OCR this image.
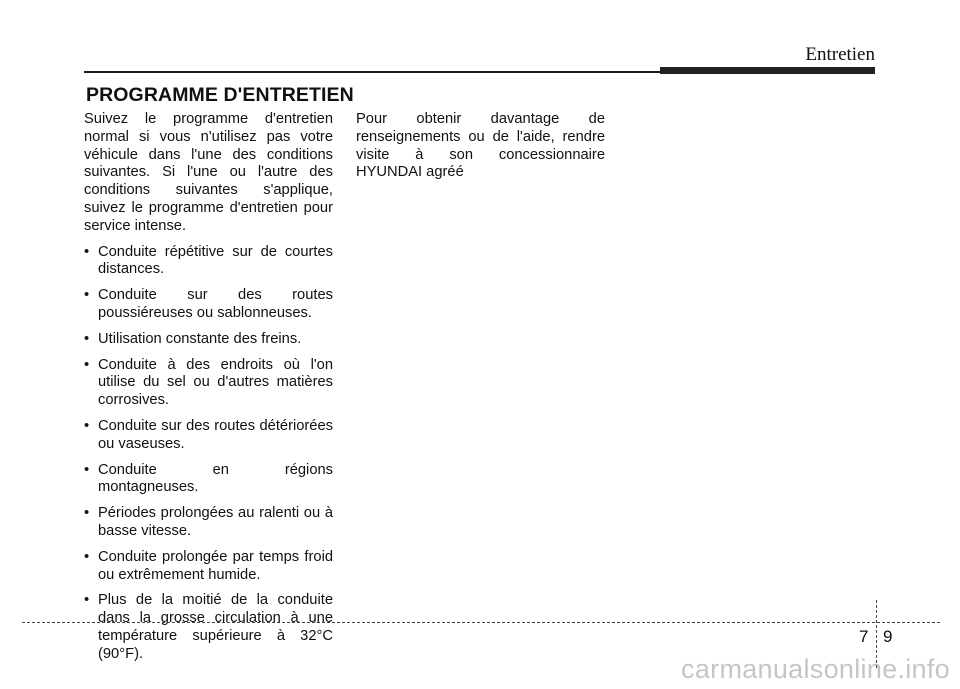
Entretien
PROGRAMME D'ENTRETIEN

Suivez le programme d'entretien normal si vous n'utilisez pas votre véhicule dans l'une des conditions suivantes. Si l'une ou l'autre des conditions suivantes s'applique, suivez le programme d'entretien pour service intense.

• Conduite répétitive sur de courtes distances.
• Conduite sur des routes poussiéreuses ou sablonneuses.
• Utilisation constante des freins.
• Conduite à des endroits où l'on utilise du sel ou d'autres matières corrosives.
• Conduite sur des routes détériorées ou vaseuses.
• Conduite en régions montagneuses.
• Périodes prolongées au ralenti ou à basse vitesse.
• Conduite prolongée par temps froid ou extrêmement humide.
• Plus de la moitié de la conduite dans la grosse circulation à une température supérieure à 32°C (90°F).

Pour obtenir davantage de renseignements ou de l'aide, rendre visite à son concessionnaire HYUNDAI agréé

7 9
carmanualsonline.info
